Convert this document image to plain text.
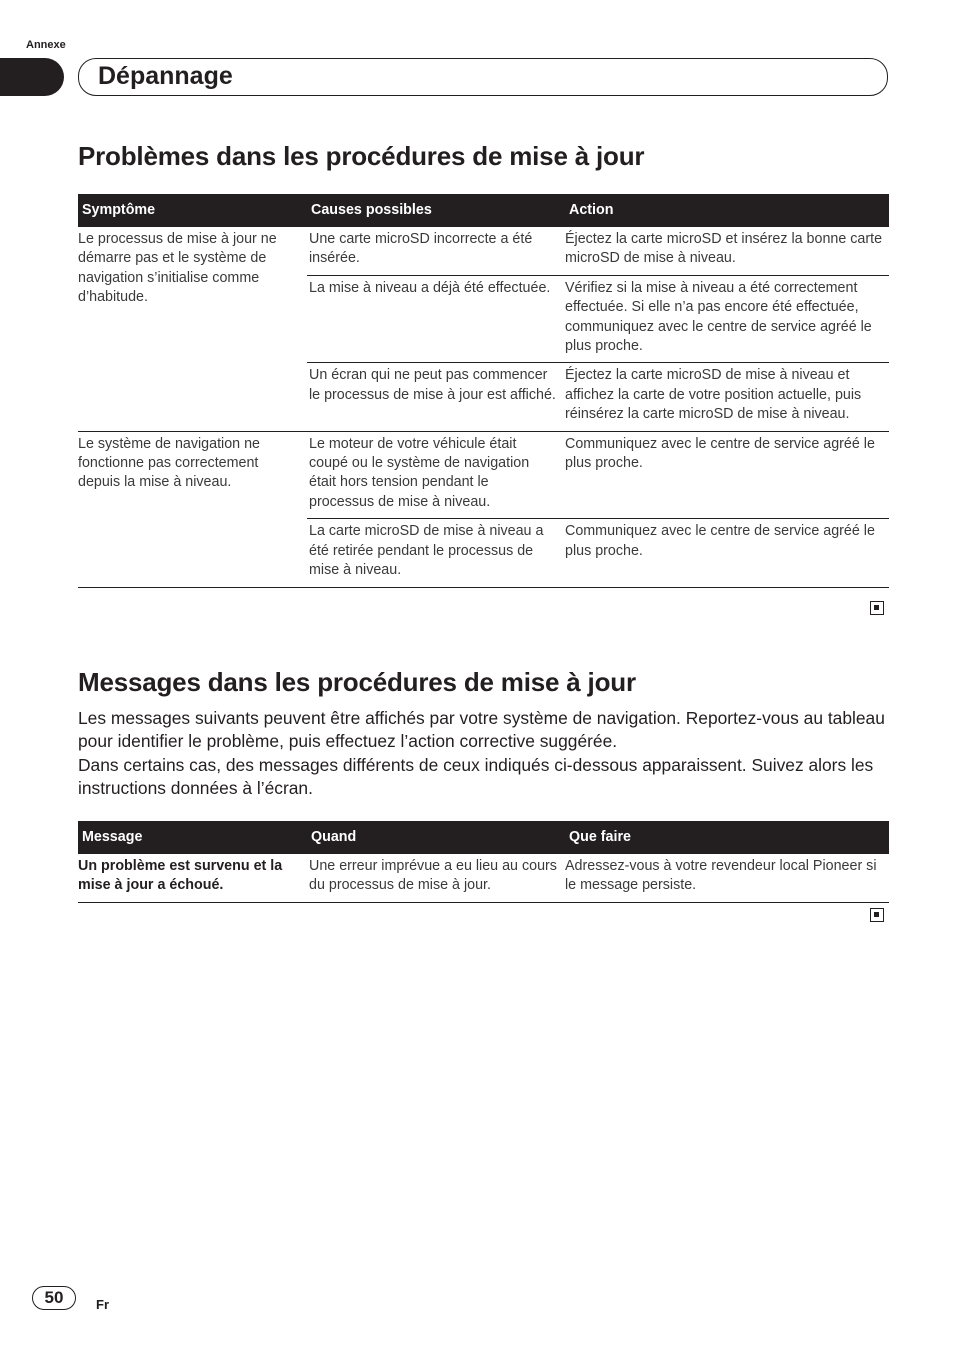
Annexe
Dépannage
Problèmes dans les procédures de mise à jour
Symptôme	Causes possibles	Action
Le processus de mise à jour ne démarre pas et le système de navigation s’initialise comme d’habitude.	Une carte microSD incorrecte a été insérée.	Éjectez la carte microSD et insérez la bonne carte microSD de mise à niveau.
	La mise à niveau a déjà été effectuée.	Vérifiez si la mise à niveau a été correctement effectuée. Si elle n’a pas encore été effectuée, communiquez avec le centre de service agréé le plus proche.
	Un écran qui ne peut pas commencer le processus de mise à jour est affiché.	Éjectez la carte microSD de mise à niveau et affichez la carte de votre position actuelle, puis réinsérez la carte microSD de mise à niveau.
Le système de navigation ne fonctionne pas correctement depuis la mise à niveau.	Le moteur de votre véhicule était coupé ou le système de navigation était hors tension pendant le processus de mise à niveau.	Communiquez avec le centre de service agréé le plus proche.
	La carte microSD de mise à niveau a été retirée pendant le processus de mise à niveau.	Communiquez avec le centre de service agréé le plus proche.
Messages dans les procédures de mise à jour

Les messages suivants peuvent être affichés par votre système de navigation. Reportez-vous au tableau pour identifier le problème, puis effectuez l’action corrective suggérée.

Dans certains cas, des messages différents de ceux indiqués ci-dessous apparaissent. Suivez alors les instructions données à l’écran.

Message	Quand	Que faire
Un problème est survenu et la mise à jour a échoué.	Une erreur imprévue a eu lieu au cours du processus de mise à jour.	Adressez-vous à votre revendeur local Pioneer si le message persiste.
50	Fr
